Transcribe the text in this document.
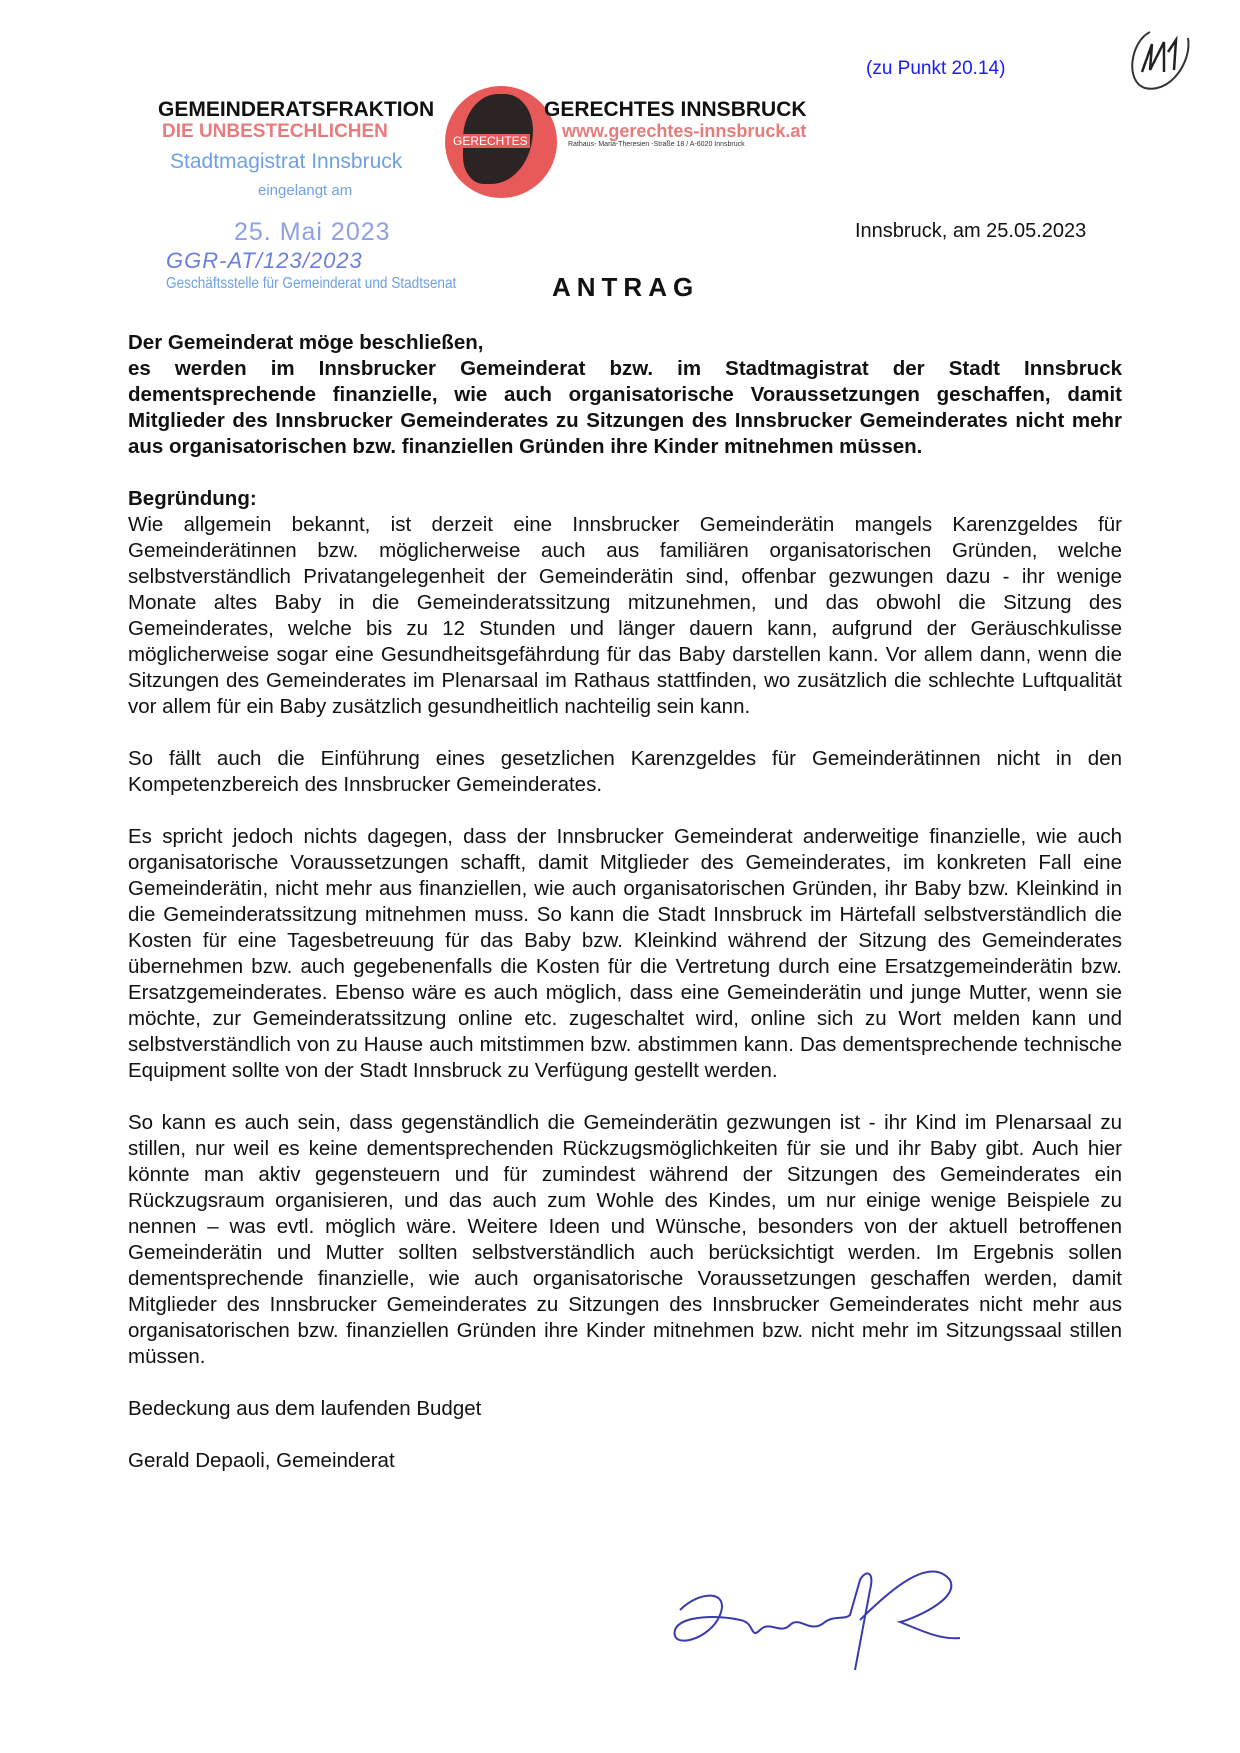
(zu Punkt 20.14)
GEMEINDERATSFRAKTION
GERECHTES
GERECHTES INNSBRUCK
DIE UNBESTECHLICHEN	www.gerechtes-innsbruck.at
Rathaus- Maria-Theresien -Straße 18 / A-6020 Innsbruck
Stadtmagistrat Innsbruck
eingelangt am
25. Mai 2023
GGR-AT/123/2023
Geschäftsstelle für Gemeinderat und Stadtsenat
Innsbruck, am 25.05.2023
ANTRAG

Der Gemeinderat möge beschließen,
es werden im Innsbrucker Gemeinderat bzw. im Stadtmagistrat der Stadt Innsbruck dementsprechende finanzielle, wie auch organisatorische Voraussetzungen geschaffen, damit Mitglieder des Innsbrucker Gemeinderates zu Sitzungen des Innsbrucker Gemeinderates nicht mehr aus organisatorischen bzw. finanziellen Gründen ihre Kinder mitnehmen müssen.

Begründung:

Wie allgemein bekannt, ist derzeit eine Innsbrucker Gemeinderätin mangels Karenzgeldes für Gemeinderätinnen bzw. möglicherweise auch aus familiären organisatorischen Gründen, welche selbstverständlich Privatangelegenheit der Gemeinderätin sind, offenbar gezwungen dazu - ihr wenige Monate altes Baby in die Gemeinderatssitzung mitzunehmen, und das obwohl die Sitzung des Gemeinderates, welche bis zu 12 Stunden und länger dauern kann, aufgrund der Geräuschkulisse möglicherweise sogar eine Gesundheitsgefährdung für das Baby darstellen kann. Vor allem dann, wenn die Sitzungen des Gemeinderates im Plenarsaal im Rathaus stattfinden, wo zusätzlich die schlechte Luftqualität vor allem für ein Baby zusätzlich gesundheitlich nachteilig sein kann.

So fällt auch die Einführung eines gesetzlichen Karenzgeldes für Gemeinderätinnen nicht in den Kompetenzbereich des Innsbrucker Gemeinderates.

Es spricht jedoch nichts dagegen, dass der Innsbrucker Gemeinderat anderweitige finanzielle, wie auch organisatorische Voraussetzungen schafft, damit Mitglieder des Gemeinderates, im konkreten Fall eine Gemeinderätin, nicht mehr aus finanziellen, wie auch organisatorischen Gründen, ihr Baby bzw. Kleinkind in die Gemeinderatssitzung mitnehmen muss. So kann die Stadt Innsbruck im Härtefall selbstverständlich die Kosten für eine Tagesbetreuung für das Baby bzw. Kleinkind während der Sitzung des Gemeinderates übernehmen bzw. auch gegebenenfalls die Kosten für die Vertretung durch eine Ersatzgemeinderätin bzw. Ersatzgemeinderates. Ebenso wäre es auch möglich, dass eine Gemeinderätin und junge Mutter, wenn sie möchte, zur Gemeinderatssitzung online etc. zugeschaltet wird, online sich zu Wort melden kann und selbstverständlich von zu Hause auch mitstimmen bzw. abstimmen kann. Das dementsprechende technische Equipment sollte von der Stadt Innsbruck zu Verfügung gestellt werden.

So kann es auch sein, dass gegenständlich die Gemeinderätin gezwungen ist - ihr Kind im Plenarsaal zu stillen, nur weil es keine dementsprechenden Rückzugsmöglichkeiten für sie und ihr Baby gibt. Auch hier könnte man aktiv gegensteuern und für zumindest während der Sitzungen des Gemeinderates ein Rückzugsraum organisieren, und das auch zum Wohle des Kindes, um nur einige wenige Beispiele zu nennen – was evtl. möglich wäre. Weitere Ideen und Wünsche, besonders von der aktuell betroffenen Gemeinderätin und Mutter sollten selbstverständlich auch berücksichtigt werden. Im Ergebnis sollen dementsprechende finanzielle, wie auch organisatorische Voraussetzungen geschaffen werden, damit Mitglieder des Innsbrucker Gemeinderates zu Sitzungen des Innsbrucker Gemeinderates nicht mehr aus organisatorischen bzw. finanziellen Gründen ihre Kinder mitnehmen bzw. nicht mehr im Sitzungssaal stillen müssen.

Bedeckung aus dem laufenden Budget

Gerald Depaoli, Gemeinderat
